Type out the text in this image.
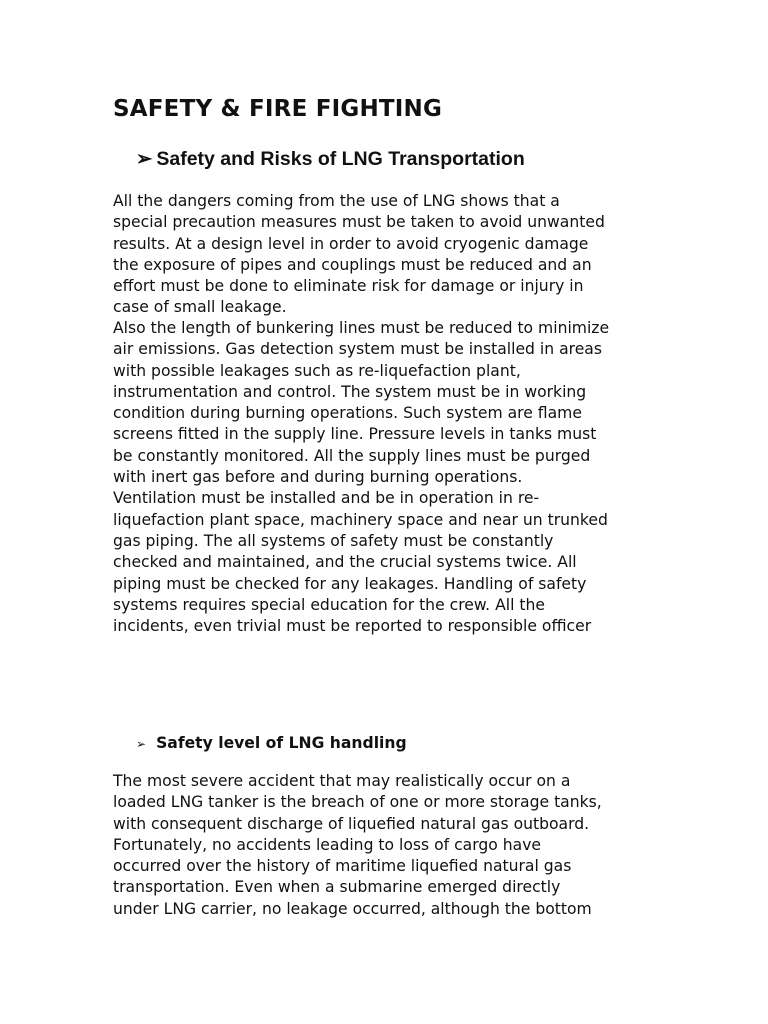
SAFETY & FIRE FIGHTING
➢ Safety and Risks of LNG Transportation

All the dangers coming from the use of LNG shows that a
special precaution measures must be taken to avoid unwanted
results. At a design level in order to avoid cryogenic damage
the exposure of pipes and couplings must be reduced and an
effort must be done to eliminate risk for damage or injury in
case of small leakage.

Also the length of bunkering lines must be reduced to minimize
air emissions. Gas detection system must be installed in areas
with possible leakages such as re-liquefaction plant,
instrumentation and control. The system must be in working
condition during burning operations. Such system are flame
screens fitted in the supply line. Pressure levels in tanks must
be constantly monitored. All the supply lines must be purged
with inert gas before and during burning operations.
Ventilation must be installed and be in operation in re-
liquefaction plant space, machinery space and near un trunked
gas piping. The all systems of safety must be constantly
checked and maintained, and the crucial systems twice. All
piping must be checked for any leakages. Handling of safety
systems requires special education for the crew. All the
incidents, even trivial must be reported to responsible officer

➢ Safety level of LNG handling

The most severe accident that may realistically occur on a
loaded LNG tanker is the breach of one or more storage tanks,
with consequent discharge of liquefied natural gas outboard.
Fortunately, no accidents leading to loss of cargo have
occurred over the history of maritime liquefied natural gas
transportation. Even when a submarine emerged directly
under LNG carrier, no leakage occurred, although the bottom
